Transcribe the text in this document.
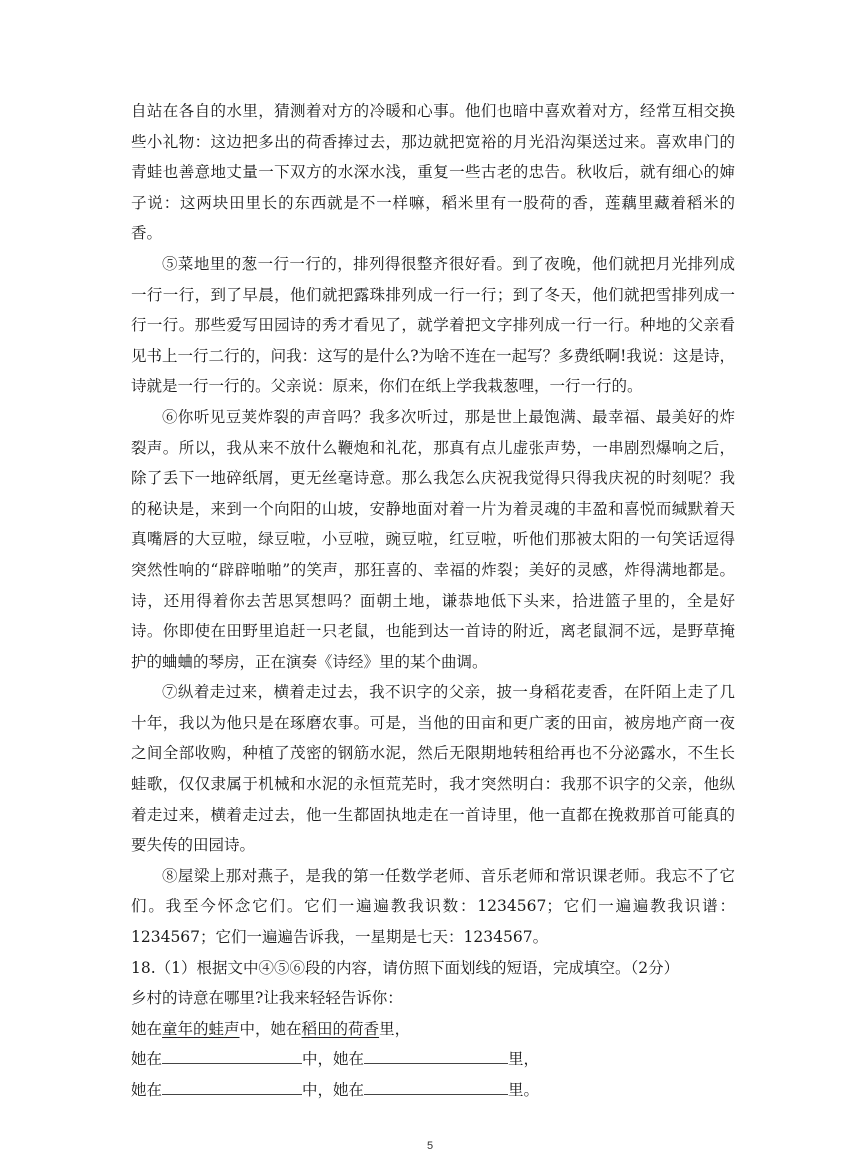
自站在各自的水里，猜测着对方的冷暖和心事。他们也暗中喜欢着对方，经常互相交换些小礼物：这边把多出的荷香捧过去，那边就把宽裕的月光沿沟渠送过来。喜欢串门的青蛙也善意地丈量一下双方的水深水浅，重复一些古老的忠告。秋收后，就有细心的婶子说：这两块田里长的东西就是不一样嘛，稻米里有一股荷的香，莲藕里藏着稻米的香。

⑤菜地里的葱一行一行的，排列得很整齐很好看。到了夜晚，他们就把月光排列成一行一行，到了早晨，他们就把露珠排列成一行一行；到了冬天，他们就把雪排列成一行一行。那些爱写田园诗的秀才看见了，就学着把文字排列成一行一行。种地的父亲看见书上一行二行的，问我：这写的是什么?为啥不连在一起写？多费纸啊!我说：这是诗，诗就是一行一行的。父亲说：原来，你们在纸上学我栽葱哩，一行一行的。

⑥你听见豆荚炸裂的声音吗？我多次听过，那是世上最饱满、最幸福、最美好的炸裂声。所以，我从来不放什么鞭炮和礼花，那真有点儿虚张声势，一串剧烈爆响之后，除了丢下一地碎纸屑，更无丝毫诗意。那么我怎么庆祝我觉得只得我庆祝的时刻呢？我的秘诀是，来到一个向阳的山坡，安静地面对着一片为着灵魂的丰盈和喜悦而缄默着天真嘴唇的大豆啦，绿豆啦，小豆啦，豌豆啦，红豆啦，听他们那被太阳的一句笑话逗得突然性响的“辟辟啪啪”的笑声，那狂喜的、幸福的炸裂；美好的灵感，炸得满地都是。诗，还用得着你去苦思冥想吗？面朝土地，谦恭地低下头来，拾进篮子里的，全是好诗。你即使在田野里追赶一只老鼠，也能到达一首诗的附近，离老鼠洞不远，是野草掩护的蛐蛐的琴房，正在演奏《诗经》里的某个曲调。

⑦纵着走过来，横着走过去，我不识字的父亲，披一身稻花麦香，在阡陌上走了几十年，我以为他只是在琢磨农事。可是，当他的田亩和更广袤的田亩，被房地产商一夜之间全部收购，种植了茂密的钢筋水泥，然后无限期地转租给再也不分泌露水，不生长蛙歌，仅仅隶属于机械和水泥的永恒荒芜时，我才突然明白：我那不识字的父亲，他纵着走过来，横着走过去，他一生都固执地走在一首诗里，他一直都在挽救那首可能真的要失传的田园诗。

⑧屋梁上那对燕子，是我的第一任数学老师、音乐老师和常识课老师。我忘不了它们。我至今怀念它们。它们一遍遍教我识数：1234567；它们一遍遍教我识谱：1234567；它们一遍遍告诉我，一星期是七天：1234567。

18.（1）根据文中④⑤⑥段的内容，请仿照下面划线的短语，完成填空。（2分）

乡村的诗意在哪里?让我来轻轻告诉你：

她在童年的蛙声中，她在稻田的荷香里，

她在	中，她在	里，

她在	中，她在	里。

5
